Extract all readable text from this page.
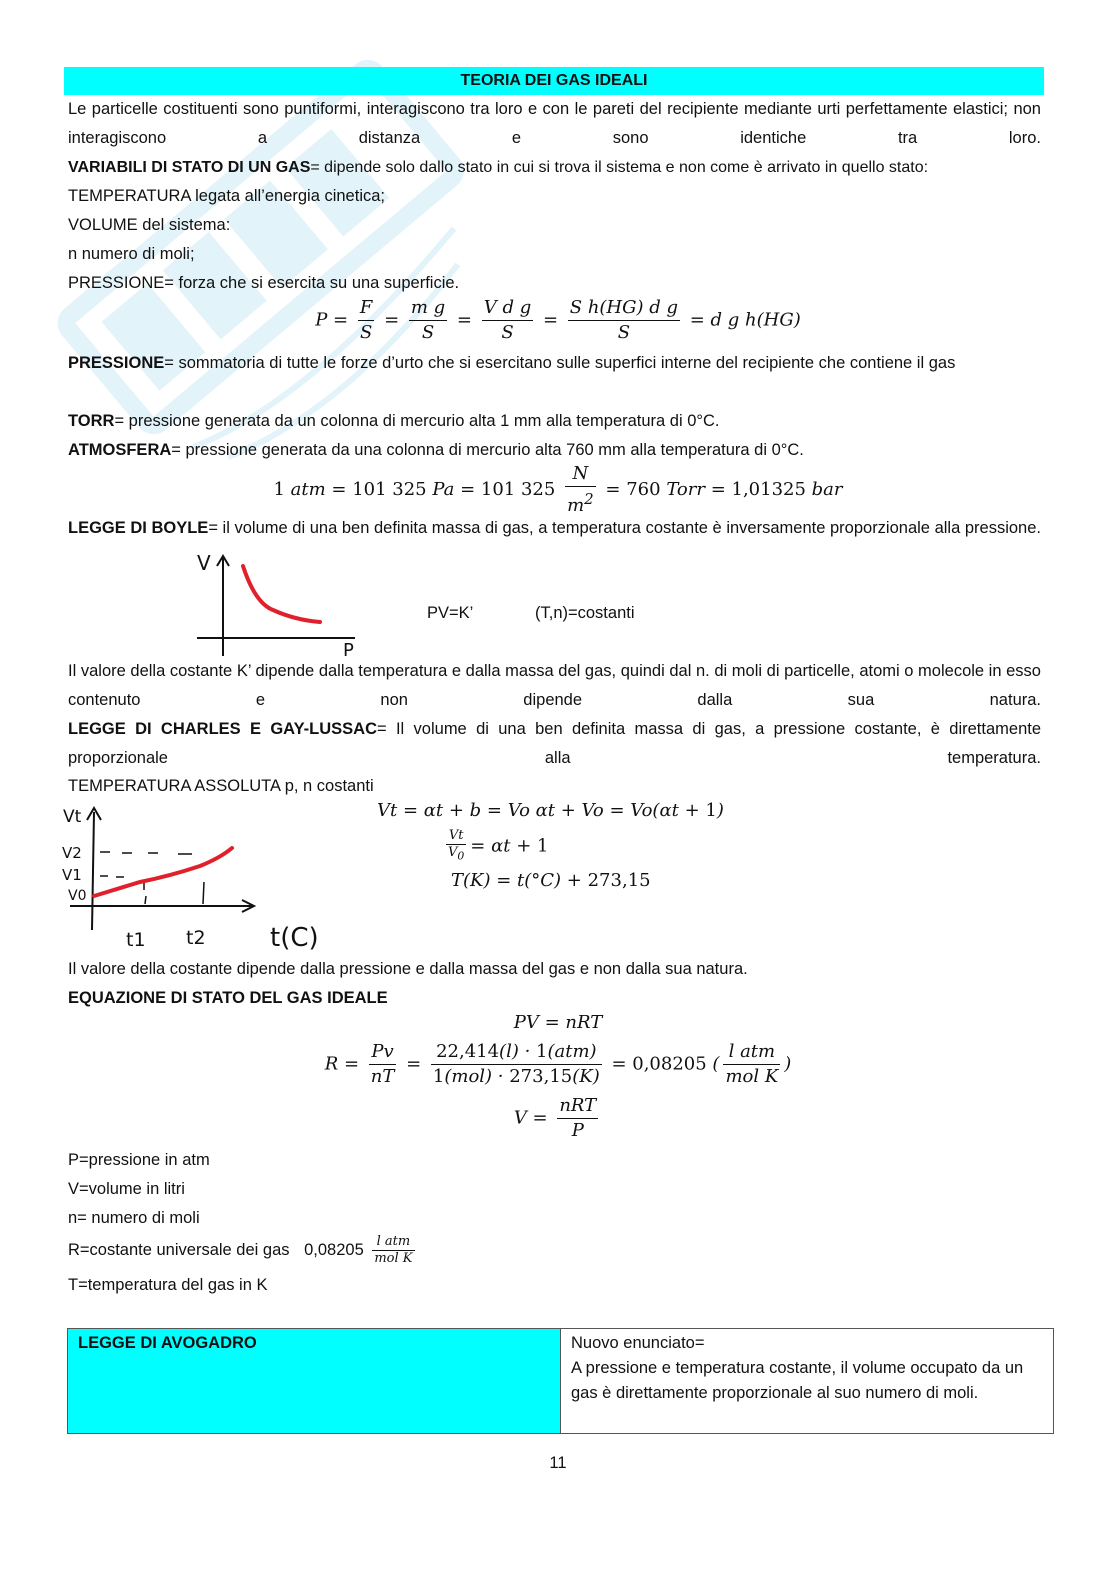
TEORIA DEI GAS IDEALI
Le particelle costituenti sono puntiformi, interagiscono tra loro e con le pareti del recipiente mediante urti perfettamente elastici; non interagiscono a distanza e sono identiche tra loro.
VARIABILI DI STATO DI UN GAS= dipende solo dallo stato in cui si trova il sistema e non come è arrivato in quello stato:
TEMPERATURA legata all’energia cinetica;
VOLUME del sistema:
n numero di moli;
PRESSIONE= forza che si esercita su una superficie.
$P = \frac{F}{S} = \frac{\text{m g}}{S} = \frac{\text{V d g}}{S} = \frac{\text{S h(HG) d g}}{S} = d$ g h(HG)
PRESSIONE= sommatoria di tutte le forze d’urto che si esercitano sulle superfici interne del recipiente che contiene il gas
TORR= pressione generata da un colonna di mercurio alta 1 mm alla temperatura di 0°C.
ATMOSFERA= pressione generata da una colonna di mercurio alta 760 mm alla temperatura di 0°C.
1 atm = 101 325 Pa = 101 $325 \frac{N}{m^2} = 760$ Torr = 1,01325 bar
LEGGE DI BOYLE= il volume di una ben definita massa di gas, a temperatura costante è inversamente proporzionale alla pressione.
V
P
PV=K’	(T,n)=costanti
Il valore della costante K’ dipende dalla temperatura e dalla massa del gas, quindi dal n. di moli di particelle, atomi o molecole in esso contenuto e non dipende dalla sua natura.
LEGGE DI CHARLES E GAY-LUSSAC= Il volume di una ben definita massa di gas, a pressione costante, è direttamente proporzionale alla temperatura.
TEMPERATURA ASSOLUTA p, n costanti
Vt
V2
V1
V0
t1 t2 t(C)
Vt = αt + b = Vo αt + Vo = Vo(αt + 1)
$\frac{Vt}{V_0} = \alpha t + 1$
T(K) = t(°C) + 273,15
Il valore della costante dipende dalla pressione e dalla massa del gas e non dalla sua natura.
EQUAZIONE DI STATO DEL GAS IDEALE
PV = nRT
$R = \frac{Pv}{nT} = \frac{\text{22,414(l) · 1(atm)}}{\text{1(mol) · 273,15(K)}} = 0,08205$ ( $\frac{\text{l atm}}{\text{mol K}}$ )
$V = \frac{\text{nRT}}{P}$
P=pressione in atm
V=volume in litri
n= numero di moli
R=costante universale dei gas $0,08205 \frac{\text{l atm}}{\text{mol K}}$
T=temperatura del gas in K
LEGGE DI AVOGADRO	Nuovo enunciato=
A pressione e temperatura costante, il volume occupato da un gas è direttamente proporzionale al suo numero di moli.
11
